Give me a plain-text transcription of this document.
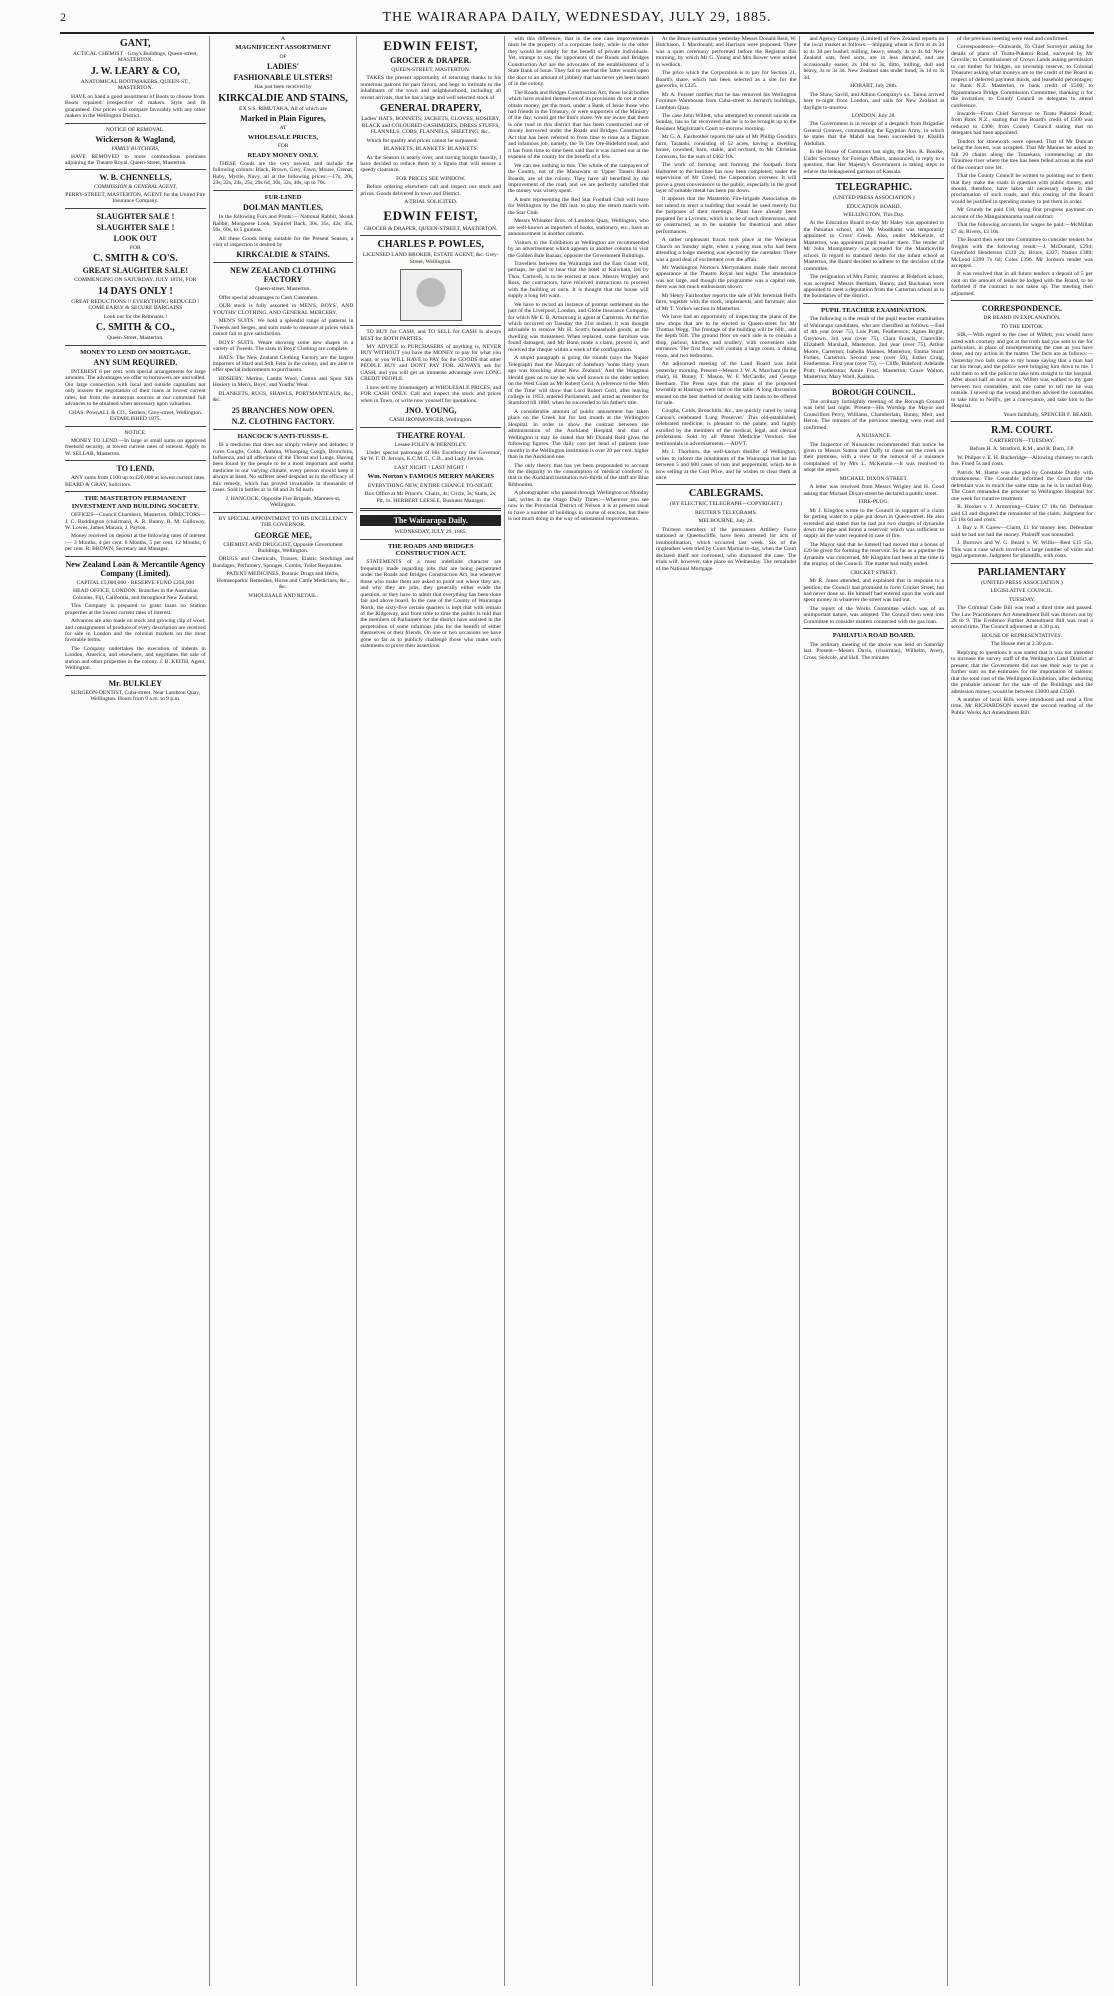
2	THE WAIRARAPA DAILY, WEDNESDAY, JULY 29, 1885.
GANT,

ACTICAL CHEMIST · Gray's Buildings, Queen-street, MASTERTON.

J. W. LEARY & CO,

ANATOMICAL BOOTMAKERS, QUEEN-ST., MASTERTON.

HAVE on hand a good assortment of Boots to choose from. Boots repaired irrespective of makers. Style and fit guaranteed. Our prices will compare favorably with any other makers in the Wellington District.

NOTICE OF REMOVAL.

Wickerson & Wagland,
FAMILY BUTCHERS,

HAVE REMOVED to more commodious premises adjoining the Theatre Royal, Queen-Street, Masterton.

W. B. CHENNELLS,
COMMISSION & GENERAL AGENT,

PERRY-STREET, MASTERTON, AGENT for the United Fire Insurance Company.

SLAUGHTER SALE !
SLAUGHTER SALE !
LOOK OUT

FOR

C. SMITH & CO'S.
GREAT SLAUGHTER SALE!

COMMENCING ON SATURDAY, JULY 18TH, FOR

14 DAYS ONLY !

GREAT REDUCTIONS !! EVERYTHING REDUCED ! COME EARLY & SECURE BARGAINS

Look out for the Remnants !

C. SMITH & CO.,

Queen-Street, Masterton.

MONEY TO LEND ON MORTGAGE.
ANY SUM REQUIRED.

INTEREST 6 per cent. with special arrangements for large amounts. The advantages we offer to borrowers are unrivalled. Our large connection with local and outside capitalists not only insures the negotiation of their loans at lowest current rates, but from the numerous sources at our command full advances to be obtained when necessary upon valuation.

CHAS. PownALL & CO., Settlers, Grey-street, Wellington. ESTABLISHED 1875.

NOTICE.

MONEY TO LEND.—In large or small sums on approved freehold security, at lowest current rates of interest. Apply to W. SELLAR, Masterton.

TO LEND.

ANY sums from £100 up to £20,000 at lowest current rates. BEARD & GRAY, Solicitors.

THE MASTERTON PERMANENT INVESTMENT AND BUILDING SOCIETY.

OFFICES—Council Chambers, Masterton. DIRECTORS—J. C. Boddington (chairman), A. R. Bunny, R. M. Gulloway, W. Lowes, James Macara, J. Payton.

Money received on deposit at the following rates of interest :— 3 Months, 4 per cent. 6 Months, 5 per cent. 12 Months, 6 per cent. R. BROWN, Secretary and Manager.

New Zealand Loan & Mercantile Agency Company (Limited).

CAPITAL £5,000,000 · RESERVE FUND £250,000

HEAD OFFICE, LONDON. Branches in the Australian Colonies, Fiji, California, and throughout New Zealand.

This Company is prepared to grant loans on Station properties at the lowest current rates of interest.

Advances are also made on stock and growing clip of wool; and consignments of produce of every description are received for sale in London and the colonial markets on the most favorable terms.

The Company undertakes the execution of indents in London, America, and elsewhere, and negotiates the sale of station and other properties in the colony. J. B. KEITH, Agent, Wellington.

Mr. BULKLEY

SURGEON-DENTIST, Cuba-street, Near Lambton Quay, Wellington. Hours from 9 a.m. to 9 p.m.

A

MAGNIFICENT ASSORTMENT

OF

LADIES'
FASHIONABLE ULSTERS!

Has just been received by

KIRKCALDIE AND STAINS,

EX S.S. RIMUTAKA, All of which are

Marked in Plain Figures,

AT

WHOLESALE PRICES,

FOR

READY MONEY ONLY.

THESE Goods are the very newest, and include the following colours: Black, Brown, Grey, Fawn, Mouse, Grenat, Ruby, Myrtle, Navy, all at the following prices:—17s, 20s, 23s, 22s, 24s, 25s, 29s 6d, 30s, 32s, 40s, up to 70s.

FUR-LINED
DOLMAN MANTLES,

In the following Furs and Prints:— National Rabbit, Skunk Rabbit, Mongoose Look, Squirrel Back, 30s, 35s, 42s, 45s, 50s, 60s, to 5 guineas.

All these Goods being suitable for the Present Season, a visit of inspection is desired by

KIRKCALDIE & STAINS.
NEW ZEALAND CLOTHING FACTORY

Queen-street, Masterton.

Offer special advantages to Cash Customers.

OUR stock is fully assorted in MEN'S, BOYS', AND YOUTHS' CLOTHING, AND GENERAL MERCERY.

MEN'S SUITS. We hold a splendid range of patterns in Tweeds and Serges, and suits made to measure at prices which cannot fail to give satisfaction.

BOYS' SUITS. Weare showing some new shapes in a variety of Tweeds. The sizes in Boys' Clothing are complete.

HATS. The New Zealand Clothing Factory are the largest importers of Hard and Soft Felts in the colony, and are able to offer special inducements to purchasers.

HOSIERY. Merino, Lambs Wool, Cotton and Spun Silk Hosiery in Men's, Boys', and Youths' Wear.

BLANKETS, RUGS, SHAWLS, PORTMANTEAUS, &c., &c.

25 BRANCHES NOW OPEN.
N.Z. CLOTHING FACTORY.
HANCOCK'S ANTI-TUSSIS-E.

IS a medicine that does not simply relieve and deludes; it cures Coughs, Colds, Asthma, Whooping Cough, Bronchitis, Influenza, and all affections of the Throat and Lungs. Having been found by the people to be a most important and useful medicine in our varying climate, every person should keep it always at hand. No sufferer need despond as to the efficacy of this remedy, which has proved invaluable in thousands of cases. Sold in bottles at 1s 6d and 2s 6d each.

J. HANCOCK, Opposite Fire Brigade, Manners-st, Wellington.

BY SPECIAL APPOINTMENT TO HIS EXCELLENCY THE GOVERNOR.

GEORGE MEE,

CHEMIST AND DRUGGIST, Opposite Government Buildings, Wellington.

DRUGS and Chemicals, Trusses, Elastic Stockings and Bandages, Perfumery, Sponges, Combs, Toilet Requisites.

PATENT MEDICINES, Botanic Drugs and Herbs, Homœopathic Remedies, Horse and Cattle Medicines, &c., &c.

WHOLESALE AND RETAIL.

EDWIN FEIST,
GROCER & DRAPER.

QUEEN-STREET, MASTERTON.

TAKES the present opportunity of returning thanks to his numerous patrons for past favors, and begs to intimate to the inhabitants of the town and neighbourhood, including all recent arrivals, that he has a large and well selected stock of

GENERAL DRAPERY,

Ladies' HATS, BONNETS, JACKETS, GLOVES, HOSIERY, BLACK and COLOURED CASHMERES, DRESS STUFFS, FLANNELS, COBS, FLANNELS, SHEETING, &c.,

Which for quality and prices cannot be surpassed.

BLANKETS, BLANKETS. BLANKETS.

As the Season is nearly over, and having bought heavily, I have decided to reduce them to a figure that will ensure a speedy clearance.

FOR PRICES SEE WINDOW.

Before ordering elsewhere call and inspect our stock and prices. Goods delivered in town and District.

A TRIAL SOLICITED.

EDWIN FEIST,

GROCER & DRAPER, QUEEN-STREET, MASTERTON.

CHARLES P. POWLES,

LICENSED LAND BROKER, ESTATE AGENT, &c. Grey-Street, Wellington.

TO BUY for CASH, and TO SELL for CASH Is always BEST for BOTH PARTIES.

MY ADVICE to PURCHASERS of anything is, NEVER BUY WITHOUT you have the MONEY to pay for what you want, or you WILL HAVE to PAY for the GOODS that other PEOPLE BUY and DONT PAY FOR. ALWAYS ask for CASH, and you will get an immense advantage over LONG CREDIT PEOPLE.

I now sell my Ironmongery at WHOLESALE PRICES, and FOR CASH ONLY. Call and inspect the stock and prices when in Town, or write now yourself for quotations.

JNO. YOUNG,

CASH IRONMONGER, Wellington.

THEATRE ROYAL

Lessee FOLEY & BERNDLEY.

Under special patronage of His Excellency the Governor, Sir W. F. D. Jervois, K.C.M.G., C.B., and Lady Jervois.

LAST NIGHT ! LAST NIGHT !

Wm. Norton's FAMOUS MERRY MAKERS

EVERYTHING NEW, ENTIRE CHANGE TO-NIGHT.

Box Office at Mr Prince's. Chairs, 4s; Circle, 3s; Stalls, 2s; Pit, 1s. HERBERT LEESLE, Business Manager.

The Wairarapa Daily.

WEDNESDAY, JULY 29, 1885.

THE ROADS AND BRIDGES CONSTRUCTION ACT.

STATEMENTS of a most indefinite character are frequently made regarding jobs that are being perpetrated under the Roads and Bridges Construction Act, but whenever those who make them are asked to point out where they are, and why they are jobs, they generally either evade the question, or they have to admit that everything has been done fair and above board. In the case of the County of Wairarapa North, the sixty-five certain quarters is kept that with remain of the Ridgeway, and from time to time the public is told that the members of Parliament for the district have assisted in the perpetration of some infamous jobs for the benefit of either themselves or their friends. On one or two occasions we have gone so far as to publicly challenge those who make such statements to prove their assertions.

with this difference, that in the one case improvements must be the property of a corporate body, while in the other they would be simply for the benefit of private individuals. Yet, strange to say, the opponents of the Roads and Bridges Construction Act are the advocates of the establishment of a State Bank of Issue. They fail to see that the 'latter would open the door to an amount of jobbery that has never yet been heard of in the colony.

The Roads and Bridges Construction Act, those local bodies which have availed themselves of its provisions do not at once obtain money, get the most, under a Bank of Issue those who had friends in the Treasury, or were supporters of the Ministry of the day, would get the lion's share. We are aware that there is one road in this district that has been constructed out of money borrowed under the Roads and Bridges Construction Act that has been referred to from time to time as a flagrant and infamous job, namely, the Te Ore Ore-Bideford road, and it has from time to time been said that it was carried out at the expense of the county for the benefit of a few.

We can see nothing in this. The whole of the ratepayers of the County, not of the Manawatu or Upper Taueru Road Boards, are of the colony. They have all benefited by the improvement of the road, and we are perfectly satisfied that the money was wisely spent.

A team representing the Red Star Football Club will leave for Wellington by the 8th inst. to play the return match with the Star Club.

Messrs Whitaker Bros. of Lambton Quay, Wellington, who are well-known as importers of books, stationery, etc., have an announcement in another column.

Visitors to the Exhibition at Wellington are recommended by an advertisement which appears in another column to visit the Golden Bale Bazaar, opposite the Government Buildings.

Travellers between the Wairarapa and the East Coast will, perhaps, be glad to hear that the hotel at Kaiwhata, led by Thos. Cartwell, is to be erected at once. Messrs Wrigley and Ross, the contractors, have received instructions to proceed with the building at once. It is thought that the house will supply a long felt want.

We have to record an instance of prompt settlement on the part of the Liverpool, London, and Globe Insurance Company, for which Mr E. B. Armstrong is agent at Carterton. At the fire which occurred on Tuesday the 21st instant, it was thought advisable to remove Mr H. Scott's household goods, as the dwelling was threatened. When replaced, some furniture was found damaged, and Mr Bunn made a claim, proved it, and received the cheque within a week of the conflagration.

A stupid paragraph is going the rounds (says the Napier Telegraph) that the Marquis of Salisbury 'some thirty years ago was knocking about New Zealand.' And the Wanganui Herald goes on to say he was well known to the older settlers on the West Coast as Mr Robert Cecil. A reference to the 'Men of the Time' will show that Lord Robert Cecil, after leaving college in 1853, entered Parliament, and acted as member for Stamford till 1868, when he succeeded to his father's title.

A considerable amount of public amusement has taken place on the Greek bar for last month at the Wellington Hospital. In order to show the contrast between the administration of the Auckland Hospital and that of Wellington it may be stated that Mr Donald Reid gives the following figures. The daily cost per head of patients (one month) in the Wellington institution is over 20 per cent. higher than in the Auckland one.

The only theory that has yet been propounded to account for the disparity in the consumption of 'medical comforts' is that in the Auckland institution two-thirds of the staff are Blue Ribbonites.

A photographer who passed through Wellington on Monday last, writes in the Otago Daily Times:—Wherever you see now in the Provincial District of Nelson it is at present usual to have a number of buildings in course of erection, but there is not much doing in the way of substantial improvements.

At the Bruce nomination yesterday Messrs Donald Reid, W. Hutchison, J. Macdonald, and Harrison were proposed. There was a quiet ceremony performed before the Registrar this morning, by which Mr G. Young and Mrs Bower were united in wedlock.

The price which the Corporation is to pay for Section 21, Board's share, which has been selected as a site for the gasworks, is £225.

Mr A. Fursser notifies that he has removed his Wellington Furniture Warehouse from Cuba-street to Jerrard's buildings, Lambton Quay.

The case John Willett, who attempted to commit suicide on Sunday, has so far recovered that he is to be brought up to the Resident Magistrate's Court to-morrow morning.

Mr G. A. Fairbrother reports the sale of Mr Phillip Goodin's farm, Taratahi, consisting of 52 acres, having a dwelling house, cowshed, barn, stable, and orchard, to Mr Christian Lorenzen, for the sum of £462 10s.

The work of forming and forming the footpath from Hallstreet to the Institute has now been completed, under the supervision of Mr Creed, the Corporation overseer. It will prove a great convenience to the public, especially in the good layer of suitable metal has been put down.

It appears that the Masterton Fire-brigade Association do not intend to erect a building that would be used merely for the purposes of their meetings. Plans have already been prepared for a Lyceum, which is to be of such dimensions, and so constructed, as to be suitable for theatrical and other performances.

A rather unpleasant fracas took place at the Wesleyan Church on Sunday night, when a young man who had been attending a lodge meeting was ejected by the caretaker. There was a good deal of excitement over the affair.

Mr Washington Norton's Merrymakers made their second appearance at the Theatre Royal last night. The attendance was not large, and though the programme was a capital one, there was not much enthusiasm shown.

Mr Henry Fairbrother reports the sale of Mr Jeremiah Bell's farm, together with the stock, implements, and furniture; also of Mr T. Yorke's section in Masterton.

We have had an opportunity of inspecting the plans of the new shops that are to be erected in Queen-street for Mr Thomas Wegg. The frontage of the building will be 60ft., and the depth 95ft. The ground floor on each side is to contain a shop, parlour, kitchen, and scullery, with convenient side entrances. The first floor will contain a large room, a dining room, and two bedrooms.

An adjourned meeting of the Land Board was held yesterday morning. Present—Messrs J. W. A. Marchant (in the chair), H. Bunny, T. Mason, W. F. McCardle, and George Beetham. The Press says that the plans of the proposed township at Hastings were laid on the table. A long discussion ensued on the best method of dealing with lands to be offered for sale.

Coughs, Colds, Bronchitis, &c., are quickly cured by using Carson's celebrated 'Lung Preserver.' This old-established, celebrated medicine, is pleasant to the palate, and highly extolled by the members of the medical, legal, and clerical professions. Sold by all Patent Medicine Vendors. See testimonials in advertisements.—ADVT.

Mr J. Thorburn, the well-known distiller of Wellington, writes to inform the inhabitants of the Wairarapa that he has between 5 and 600 cases of rum and peppermint, which he is now selling at the Cost Price, and he wishes to clear them at once.

CABLEGRAMS.

(BY ELECTRIC TELEGRAPH—COPYRIGHT.)

REUTER'S TELEGRAMS.

MELBOURNE, July 28.

Thirteen members of the permanent Artillery Force stationed at Queenscliffe, have been arrested for acts of insubordination, which occurred last week. Six of the ringleaders were tried by Court Martial to-day, when the Court declared itself not convened, who dismissed the case. The trials will, however, take place on Wednesday. The remainder of the National Mortgage

and Agency Company (Limited) of New Zealand reports on the local market as follows:—Shipping wheat is firm at 4s 2d to 4s 3d per bushel; milling, heavy, steady, 4s to 4s 6d. New Zealand oats, feed sorts, are in less demand, and are occasionally easier, 2s 10d to 3s; ditto, milling, dull and heavy, 3s to 3s 3d. New Zealand oats under bond, 3s 1d to 3s 3d.

HOBART, July 28th.

The Shaw, Savill, and Albion Company's s.s. Tainui arrived here to-night from London, and sails for New Zealand at daylight to-morrow.

LONDON, July 28.

The Government is in receipt of a despatch from Brigadier General Greaves, commanding the Egyptian Army, in which he states that the Mahdi has been succeeded by Khalifa Abdullah.

In the House of Commons last night, the Hon. R. Bourke, Under Secretary for Foreign Affairs, announced, in reply to a question, that Her Majesty's Government is taking steps to relieve the beleaguered garrison of Kassala.

TELEGRAPHIC.

(UNITED PRESS ASSOCIATION.)

EDUCATION BOARD.

WELLINGTON, This Day.

At the Education Board to-day Mr Haley was appointed to the Pahiatua school, and Mr Woodhams was temporarily appointed to Cross' Creek. Also, under McKenzie, of Masterton, was appointed pupil teacher there. The tender of Mr John Montgomery was accepted for the Mauriceville school. In regard to standard desks for the infant school at Masterton, the Board decided to adhere to the decision of the committee.

The resignation of Mrs Farrer, mistress at Bideford school, was accepted. Messrs Beetham, Bunny, and Buchanan were appointed to meet a deputation from the Carterton school as to the boundaries of the district.

PUPIL TEACHER EXAMINATION.

The following is the result of the pupil teacher examination of Wairarapa candidates, who are classified as follows:—End of 4th year (over 75), Lois Pratt, Featherston; Agnes Bright, Greytown. 3rd year (over 75), Clara Francis, Clareville; Elizabeth Marshall, Masterton. 2nd year (over 75), Arthur Moore, Carterton; Isabella Mannes, Masterton; Emma Stuart Forbes, Carterton. Second year (over 50), Esther Craig, Featherston. First year (over 75), — Cliffe, Bideford; Adelaide Pratt, Featherston; Annie Frost, Masterton; Grace Walton, Masterton; Mary Ward, Kaitara.

BOROUGH COUNCIL.

The ordinary fortnightly meeting of the Borough Council was held last night. Present—His Worship the Mayor and Councillors Perry, Williams, Chamberlain, Bunny, Meir, and Heron. The minutes of the previous meeting were read and confirmed.

A NUISANCE.

The Inspector of Nuisances recommended that notice be given to Messrs Sutton and Daffy to clean out the creek on their premises, with a view to the removal of a nuisance complained of by Mrs L. McKenzie.—It was resolved to adopt the report.

MICHAEL DIXON-STREET.

A letter was received from Messrs Wrigley and H. Good asking that Michael Dixon-street be declared a public street.

FIRE-PLUG.

Mr J. Kingdon wrote to the Council in support of a claim for getting water to a pipe put down in Queen-street. He also extended and stated that he had put two charges of dynamite down the pipe and found a reservoir which was sufficient to supply all the water required in case of fire.

The Mayor said that he himself had moved that a bonus of £20 be given for forming the reservoir. So far as a pipeline the dynamite was concerned, Mr Kingdon had been at the time in the employ of the Council. The matter had really ended.

CRICKET STREET.

Mr R. Jones attended, and explained that in response to a petition, the Council had promised to form Cricket Street, but had never done so. He himself had entered upon the work and spent money in whatever the street was laid out.

The report of the Works Committee which was of an unimportant nature, was adopted. The Council then went into Committee to consider matters connected with the gas loan.

PAHIATUA ROAD BOARD.

The ordinary meeting of the above was held on Saturday last. Present—Messrs Davis, (chairman), Wilhelm, Avery, Cross, Sedcole, and Hall. The minutes

of the previous meeting were read and confirmed.

Correspondence—Outwards, To Chief Surveyor asking for details of plans of Tiratu-Puketoi Road, surveyed by Mr Greville; to Commissioner of Crown Lands asking permission to cut timber for bridges, on township reserve; to Colonial Treasurer asking what moneys are to the credit of the Board in respect of deferred payment thirds, and leasehold percentages; to Bank N.Z. Masterton, re bank credit of £500; to Ngaumutawa Bridge Commission Committee, thanking it for the invitation; to County Council re delegates to attend conference.

Inwards—From Chief Surveyor re Tiratu Puketoi Road; from Bank N.Z., stating that the Board's credit of £500 was reduced to £400; from County Council stating that no delegates had been appointed.

Tenders for stonework were opened. That of Mr Duncan being the lowest, was accepted. That Mr Mannes be asked to fall 20 chains along the Tutaekara, commencing at the Tiraumea river where the tree has been felled across at the end of the contract now let.

That the County Council be written to pointing out to them that they make the roads in question with public money, and should, therefore, have taken all necessary steps in the proclamation of such roads, and this costing of the Board would be justified in spending money to put them in order.

Mr Grundy be paid £18, being first progress payment on account of the Mangaramarama road contract.

That the following accounts for wages be paid:—McMillan £7 4s; Rivers, £3 10s.

The Board then went into Committee to consider tenders for freights with the following result:—J. McDonald, £294; Greenfield Henderson £339 2s; Bruce, £327; Nation £389; McLeod £399 7s 6d; Coles £396. Mr Jordon's tender was accepted.

It was resolved that in all future tenders a deposit of 5 per cent on the amount of tender be lodged with the Board, to be forfeited if the contract is not taken up. The meeting then adjourned.

CORRESPONDENCE.

DR BEARD IN EXPLANATION.

TO THE EDITOR.

SIR,—With regard to the case of Willett, you would have acted with courtesy and got at the truth had you sent to me for particulars, in place of misrepresenting the case as you have done, and my action in the matter. The facts are as follows:—Yesterday two lads came to my house saying that a man had cut his throat, and the police were bringing him down to me. I told them to tell the police to take him straight to the hospital. After about half an hour or so, Willett was walked to my gate between two constables, and one came to tell me he was outside. I sewed up the wound and then advised the constables to take him to Neill's, get a conveyance, and take him to the Hospital.

Yours faithfully, SPENCER F. BEARD.

R.M. COURT.

CARTERTON—TUESDAY.

Before H. A. Stratford, R.M., and R. Burn, J.P.

W. Philpot v. E. H. Buckeridge—Allowing chimney to catch fire. Fined 5s and costs.

Patrick M. Hastie was charged by Constable Dunby with drunkenness. The Constable informed the Court that the defendant was in much the same state as he is in unclad Bay. The Court remanded the prisoner to Wellington Hospital for one week for curative treatment.

R. Hooker v. J. Armstrong—Claim £7 18s 6d. Defendant said £3 and disputed the remainder of the claim. Judgment for £3 18s 6d and costs.

J. Bay v. P. Carew—Claim, £1 for money lent. Defendant said he had not had the money. Plaintiff was nonsuited.

J. Burrows and W. G. Beard v. W. Willis—Rent £15 15s. This was a case which involved a large number of visits and legal arguments. Judgment for plaintiffs, with costs.

PARLIAMENTARY

(UNITED PRESS ASSOCIATION.)

LEGISLATIVE COUNCIL.

TUESDAY.

The Criminal Code Bill was read a third time and passed. The Law Practitioners Act Amendment Bill was thrown out by 28 to 9. The Evidence Further Amendment Bill was read a second time. The Council adjourned at 4.30 p.m.

HOUSE OF REPRESENTATIVES.

The House met at 2.30 p.m.

Replying to questions it was stated that it was not intended to increase the survey staff of the Wellington Land District at present; that the Government did not see their way to put a further sum on the estimates for the importation of salmon; that the total cost of the Wellington Exhibition, after deducting the probable amount for the sale of the Buildings and the admission money, would be between £3000 and £3500.

A number of local Bills were introduced and read a first time. Mr RICHARDSON moved the second reading of the Public Works Act Amendment Bill.
